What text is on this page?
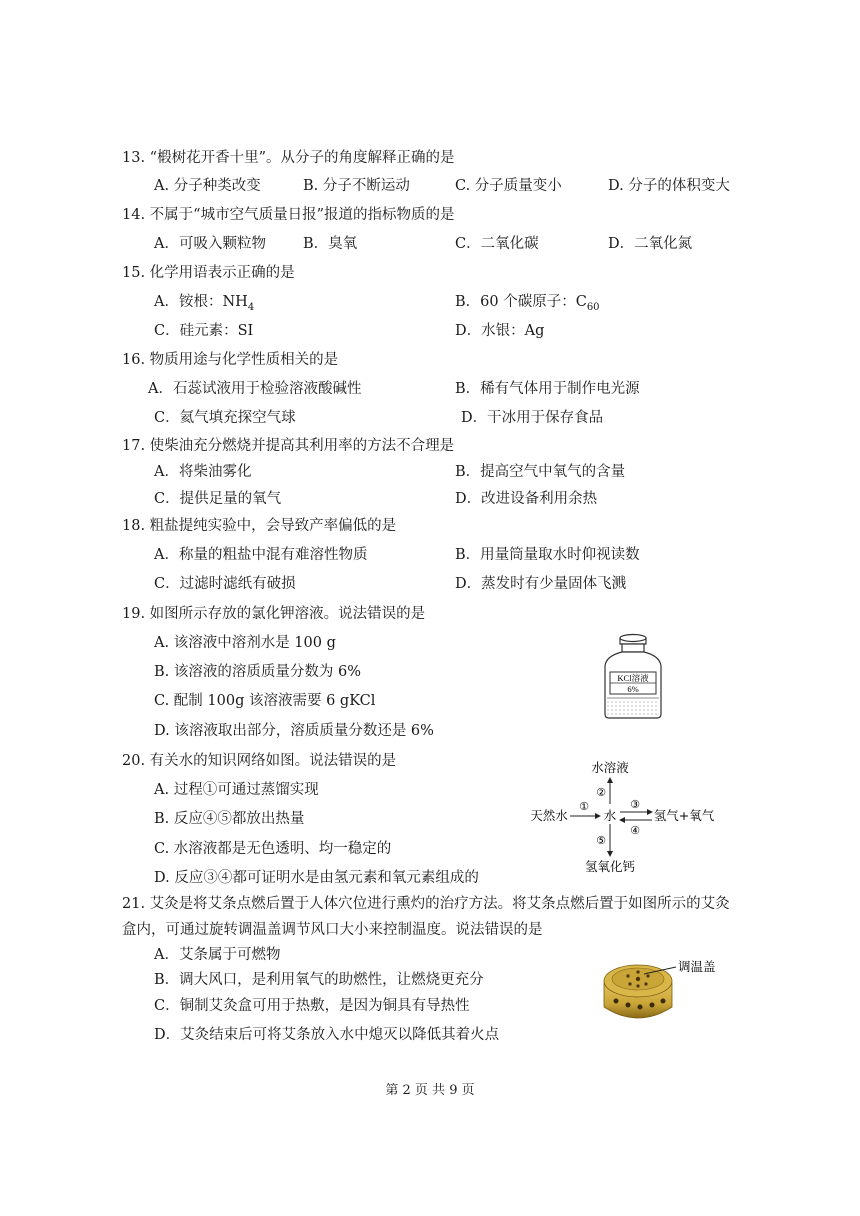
13. “椴树花开香十里”。从分子的角度解释正确的是
A. 分子种类改变	B. 分子不断运动	C. 分子质量变小	D. 分子的体积变大
14. 不属于“城市空气质量日报”报道的指标物质的是
A．可吸入颗粒物	B．臭氧	C．二氧化碳	D．二氧化氮
15. 化学用语表示正确的是
A．铵根：$NH_4$	B．60 个碳原子：$C_{60}$
C．硅元素：SI	D．水银：Ag
16. 物质用途与化学性质相关的是
A．石蕊试液用于检验溶液酸碱性	B．稀有气体用于制作电光源
C．氦气填充探空气球	D．干冰用于保存食品
17. 使柴油充分燃烧并提高其利用率的方法不合理是
A．将柴油雾化	B．提高空气中氧气的含量
C．提供足量的氧气	D．改进设备利用余热
18. 粗盐提纯实验中，会导致产率偏低的是
A．称量的粗盐中混有难溶性物质	B．用量筒量取水时仰视读数
C．过滤时滤纸有破损	D．蒸发时有少量固体飞溅
19. 如图所示存放的氯化钾溶液。说法错误的是
A. 该溶液中溶剂水是 100 g
B. 该溶液的溶质质量分数为 6%
C. 配制 100g 该溶液需要 6 gKCl
D. 该溶液取出部分，溶质质量分数还是 6%
KCl溶液
6%
20. 有关水的知识网络如图。说法错误的是
A. 过程①可通过蒸馏实现
B. 反应④⑤都放出热量
C. 水溶液都是无色透明、均一稳定的
D. 反应③④都可证明水是由氢元素和氧元素组成的
水溶液
天然水	水	氢气+氧气
氢氧化钙
①
②
③
④
⑤
21. 艾灸是将艾条点燃后置于人体穴位进行熏灼的治疗方法。将艾条点燃后置于如图所示的艾灸盒内，可通过旋转调温盖调节风口大小来控制温度。说法错误的是
A．艾条属于可燃物
B．调大风口，是利用氧气的助燃性，让燃烧更充分
C．铜制艾灸盒可用于热敷，是因为铜具有导热性
D．艾灸结束后可将艾条放入水中熄灭以降低其着火点
调温盖
第 2 页 共 9 页
